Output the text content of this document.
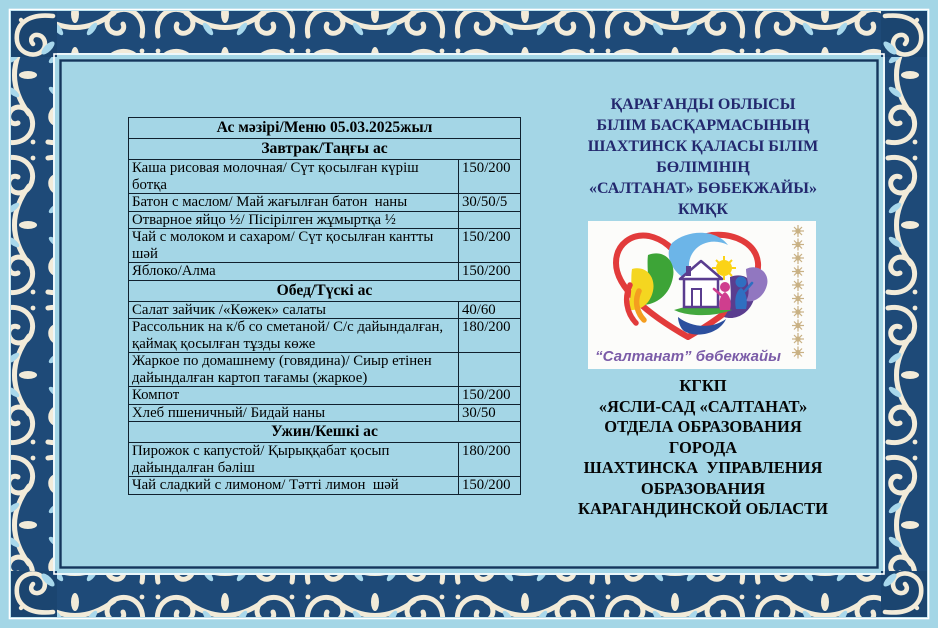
Ас мәзірі/Меню 05.03.2025жыл	
Завтрак/Таңғы ас	
Каша рисовая молочная/ Сүт қосылған күріш ботқа	150/200
Батон с маслом/ Май жағылған батон  наны	30/50/5
Отварное яйцо ½/ Пісірілген жұмыртқа ½	
Чай с молоком и сахаром/ Сүт қосылған кантты шәй	150/200
Яблоко/Алма	150/200
Обед/Түскі ас	
Салат зайчик /«Көжек» салаты	40/60
Рассольник на к/б со сметаной/ С/с дайындалған, қаймақ қосылған тұзды көже	180/200
Жаркое по домашнему (говядина)/ Сиыр етінен дайындалған картоп тағамы (жаркое)	
Компот	150/200
Хлеб пшеничный/ Бидай наны	30/50
Ужин/Кешкі ас	
Пирожок с капустой/ Қырыққабат қосып дайындалған бәліш	180/200
Чай сладкий с лимоном/ Тәтті лимон  шәй	150/200
ҚАРАҒАНДЫ ОБЛЫСЫ
БІЛІМ БАСҚАРМАСЫНЫҢ
ШАХТИНСК ҚАЛАСЫ БІЛІМ
БӨЛІМІНІҢ
«САЛТАНАТ» БӨБЕКЖАЙЫ»
КМҚК
“Салтанат” бөбекжайы
КГКП
«ЯСЛИ-САД «САЛТАНАТ»
ОТДЕЛА ОБРАЗОВАНИЯ
ГОРОДА
ШАХТИНСКА  УПРАВЛЕНИЯ
ОБРАЗОВАНИЯ
КАРАГАНДИНСКОЙ ОБЛАСТИ
